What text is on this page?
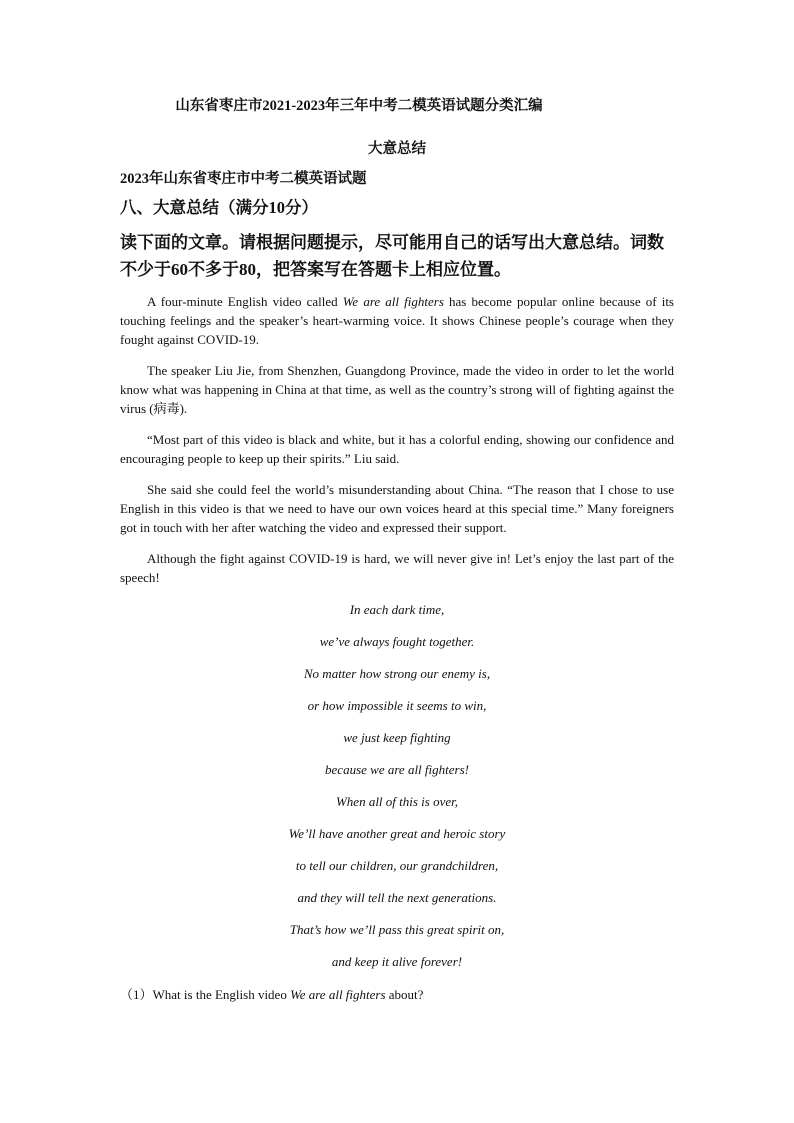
山东省枣庄市2021-2023年三年中考二模英语试题分类汇编
大意总结
2023年山东省枣庄市中考二模英语试题
八、大意总结（满分10分）
读下面的文章。请根据问题提示，尽可能用自己的话写出大意总结。词数不少于60不多于80，把答案写在答题卡上相应位置。

A four-minute English video called We are all fighters has become popular online because of its touching feelings and the speaker’s heart-warming voice. It shows Chinese people’s courage when they fought against COVID-19.

The speaker Liu Jie, from Shenzhen, Guangdong Province, made the video in order to let the world know what was happening in China at that time, as well as the country’s strong will of fighting against the virus (病毒).

“Most part of this video is black and white, but it has a colorful ending, showing our confidence and encouraging people to keep up their spirits.” Liu said.

She said she could feel the world’s misunderstanding about China. “The reason that I chose to use English in this video is that we need to have our own voices heard at this special time.” Many foreigners got in touch with her after watching the video and expressed their support.

Although the fight against COVID-19 is hard, we will never give in! Let’s enjoy the last part of the speech!

In each dark time,
we’ve always fought together.
No matter how strong our enemy is,
or how impossible it seems to win,
we just keep fighting
because we are all fighters!
When all of this is over,
We’ll have another great and heroic story
to tell our children, our grandchildren,
and they will tell the next generations.
That’s how we’ll pass this great spirit on,
and keep it alive forever!
（1）What is the English video We are all fighters about?
